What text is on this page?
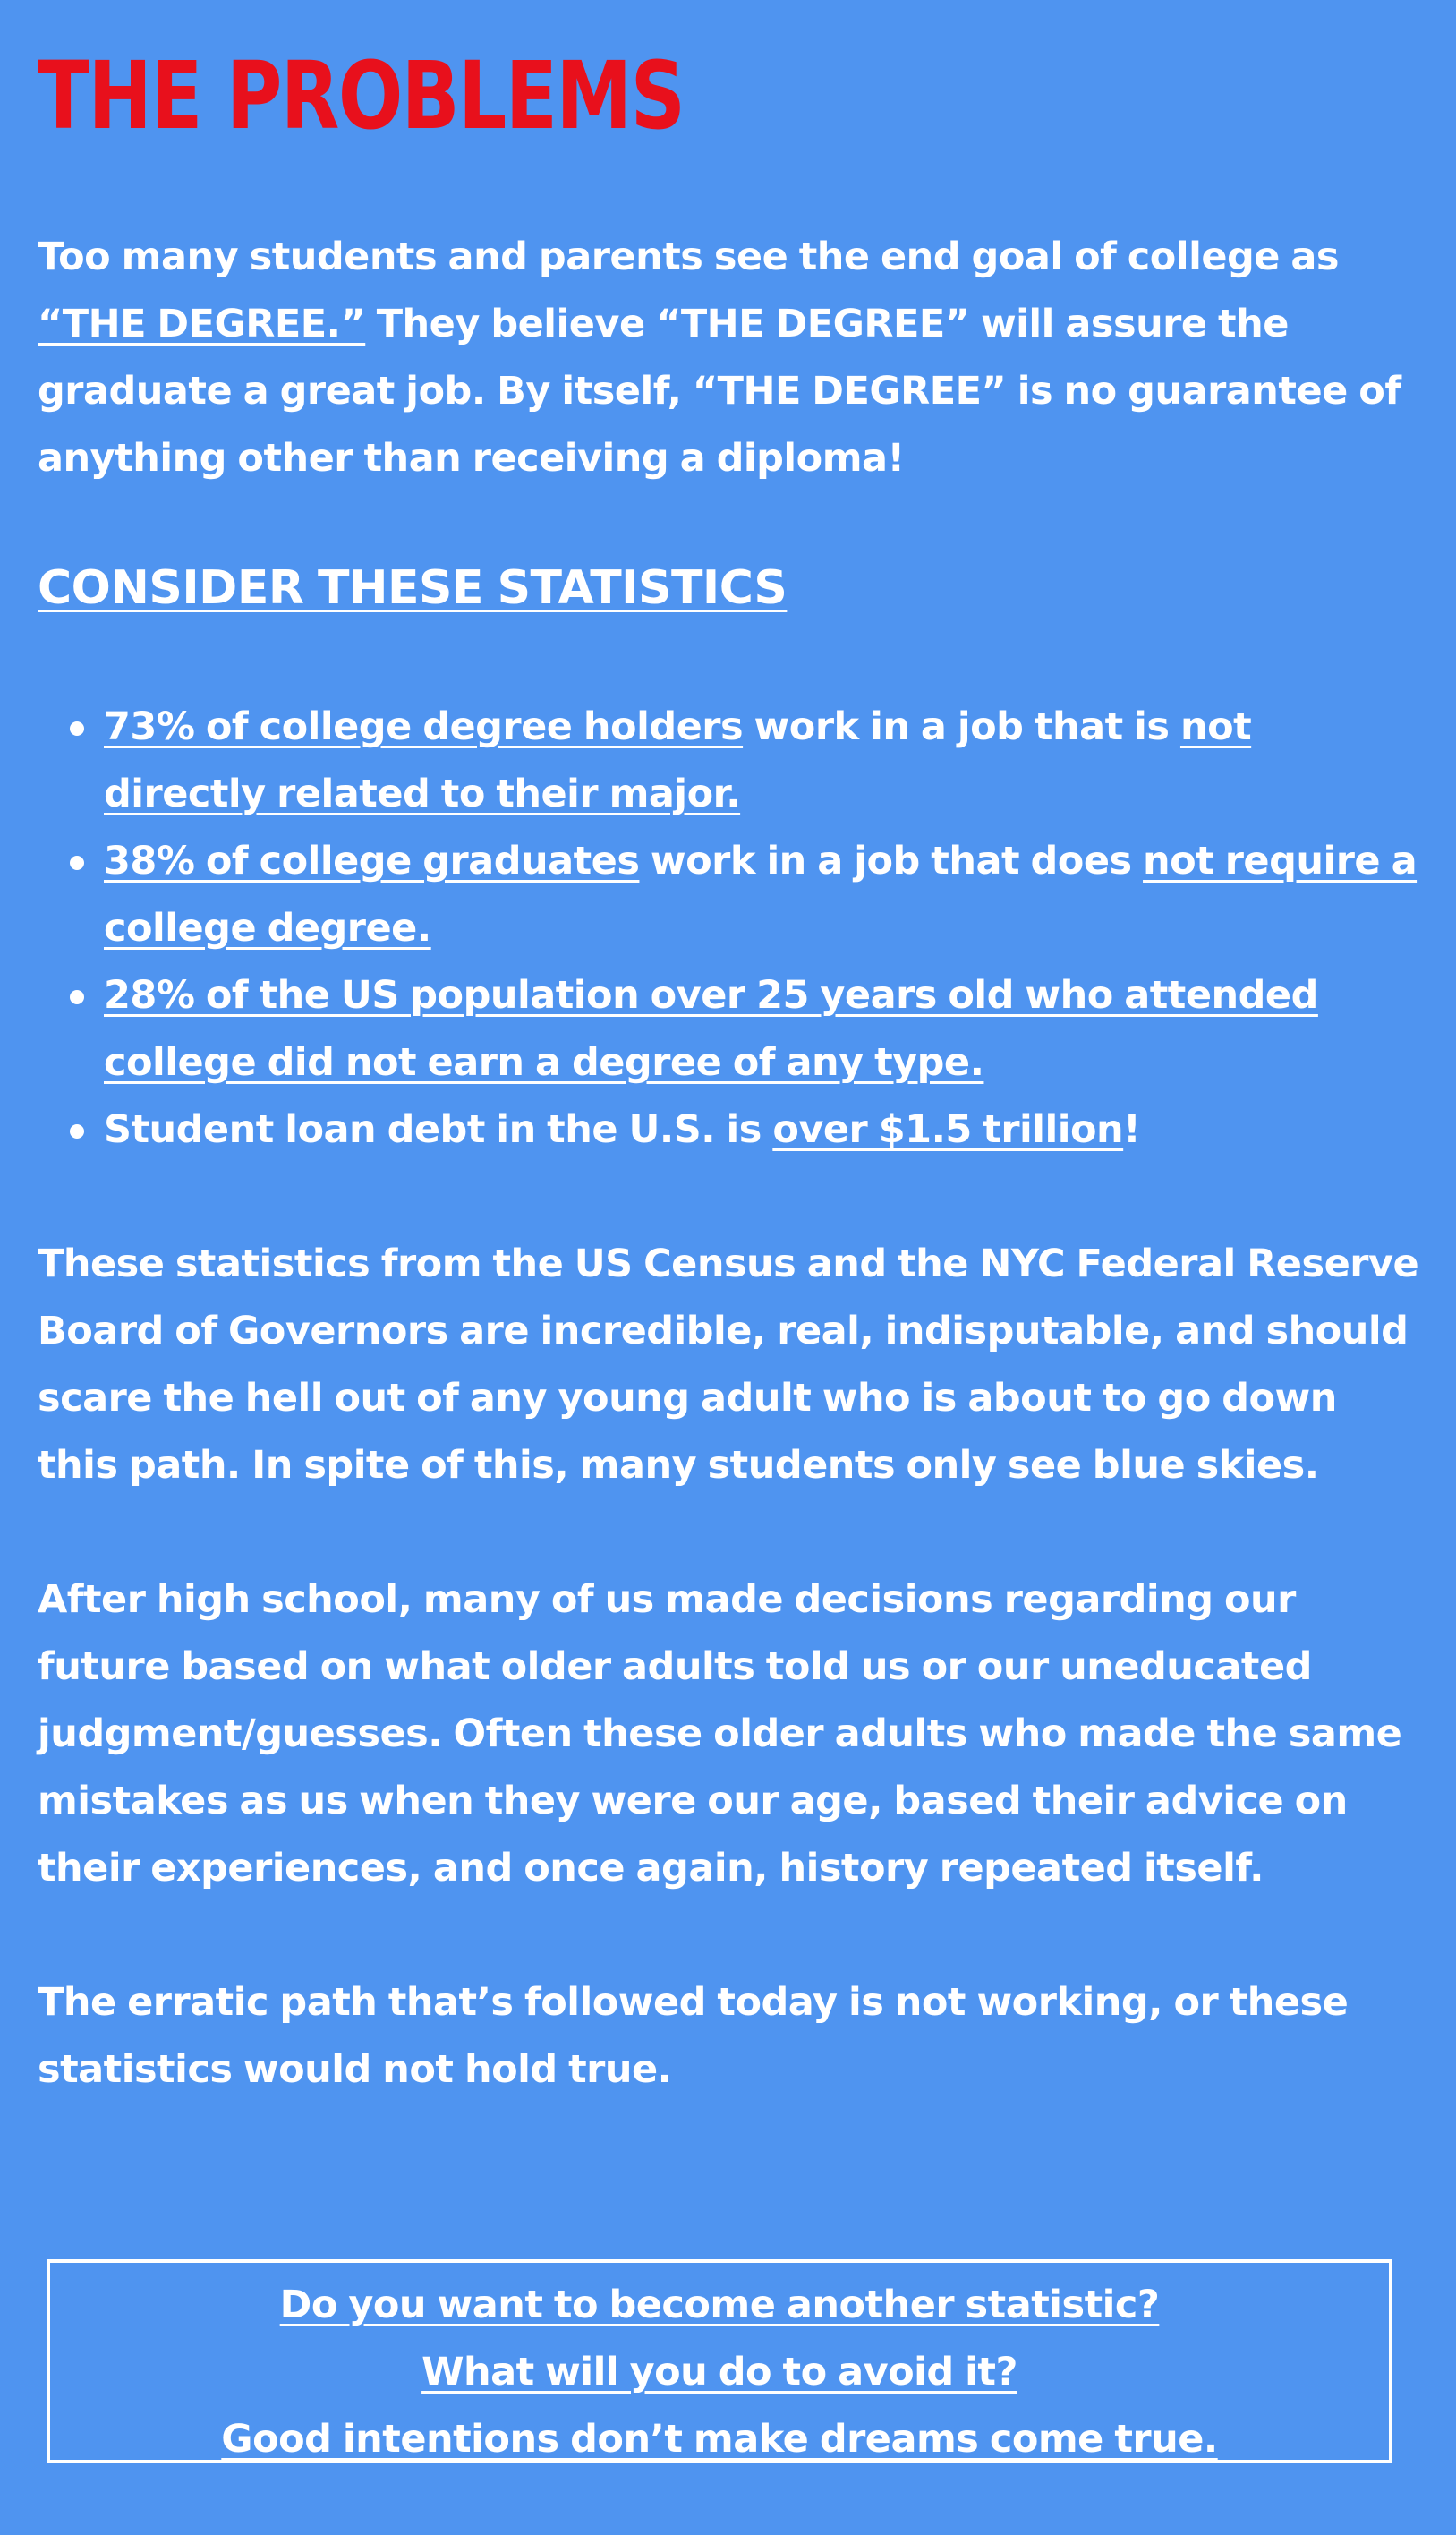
THE PROBLEMS

Too many students and parents see the end goal of college as “THE DEGREE.” They believe “THE DEGREE” will assure the graduate a great job. By itself, “THE DEGREE” is no guarantee of anything other than receiving a diploma!

CONSIDER THESE STATISTICS

73% of college degree holders work in a job that is not directly related to their major.
38% of college graduates work in a job that does not require a college degree.
28% of the US population over 25 years old who attended college did not earn a degree of any type.
Student loan debt in the U.S. is over $1.5 trillion!

These statistics from the US Census and the NYC Federal Reserve Board of Governors are incredible, real, indisputable, and should scare the hell out of any young adult who is about to go down this path. In spite of this, many students only see blue skies.

After high school, many of us made decisions regarding our future based on what older adults told us or our uneducated judgment/guesses. Often these older adults who made the same mistakes as us when they were our age, based their advice on their experiences, and once again, history repeated itself.

The erratic path that’s followed today is not working, or these statistics would not hold true.

Do you want to become another statistic?
What will you do to avoid it?
Good intentions don’t make dreams come true.
